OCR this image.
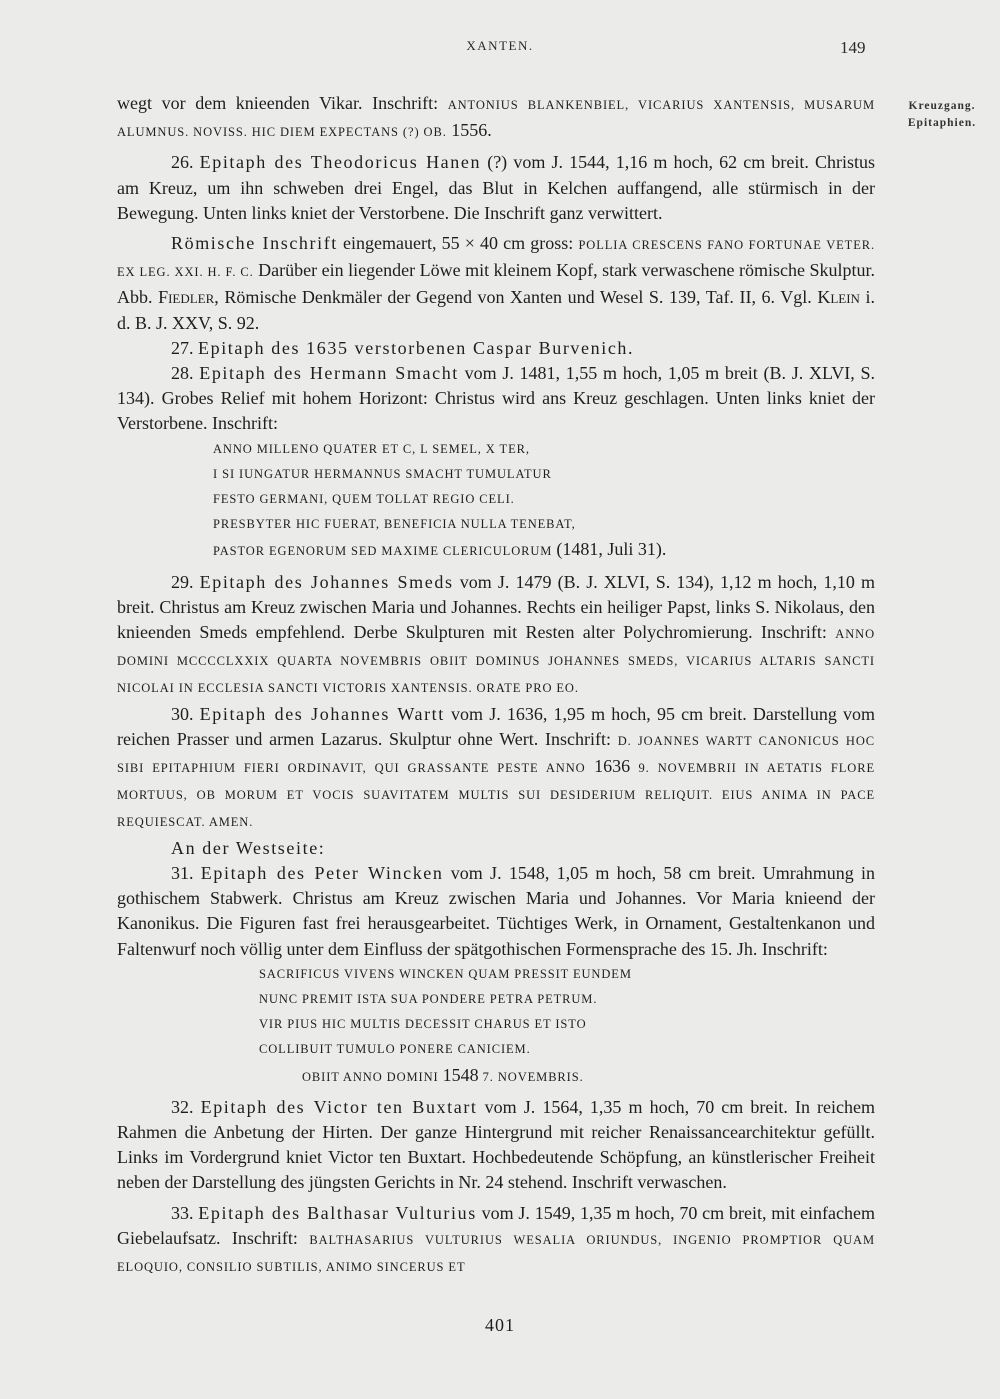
XANTEN.	149
Kreuzgang.
Epitaphien.

wegt vor dem knieenden Vikar. Inschrift: ANTONIUS BLANKENBIEL, VICARIUS XANTENSIS, MUSARUM ALUMNUS. NOVISS. HIC DIEM EXPECTANS (?) OB. 1556.

26. Epitaph des Theodoricus Hanen (?) vom J. 1544, 1,16 m hoch, 62 cm breit. Christus am Kreuz, um ihn schweben drei Engel, das Blut in Kelchen auffangend, alle stürmisch in der Bewegung. Unten links kniet der Verstorbene. Die Inschrift ganz verwittert.

Römische Inschrift eingemauert, 55 × 40 cm gross: POLLIA CRESCENS FANO FORTUNAE VETER. EX LEG. XXI. H. F. C. Darüber ein liegender Löwe mit kleinem Kopf, stark verwaschene römische Skulptur. Abb. Fiedler, Römische Denkmäler der Gegend von Xanten und Wesel S. 139, Taf. II, 6. Vgl. Klein i. d. B. J. XXV, S. 92.

27. Epitaph des 1635 verstorbenen Caspar Burvenich.

28. Epitaph des Hermann Smacht vom J. 1481, 1,55 m hoch, 1,05 m breit (B. J. XLVI, S. 134). Grobes Relief mit hohem Horizont: Christus wird ans Kreuz geschlagen. Unten links kniet der Verstorbene. Inschrift:

ANNO MILLENO QUATER ET C, L SEMEL, X TER,
I SI IUNGATUR HERMANNUS SMACHT TUMULATUR
FESTO GERMANI, QUEM TOLLAT REGIO CELI.
PRESBYTER HIC FUERAT, BENEFICIA NULLA TENEBAT,
PASTOR EGENORUM SED MAXIME CLERICULORUM (1481, Juli 31).

29. Epitaph des Johannes Smeds vom J. 1479 (B. J. XLVI, S. 134), 1,12 m hoch, 1,10 m breit. Christus am Kreuz zwischen Maria und Johannes. Rechts ein heiliger Papst, links S. Nikolaus, den knieenden Smeds empfehlend. Derbe Skulpturen mit Resten alter Polychromierung. Inschrift: ANNO DOMINI MCCCCLXXIX QUARTA NOVEMBRIS OBIIT DOMINUS JOHANNES SMEDS, VICARIUS ALTARIS SANCTI NICOLAI IN ECCLESIA SANCTI VICTORIS XANTENSIS. ORATE PRO EO.

30. Epitaph des Johannes Wartt vom J. 1636, 1,95 m hoch, 95 cm breit. Darstellung vom reichen Prasser und armen Lazarus. Skulptur ohne Wert. Inschrift: D. JOANNES WARTT CANONICUS HOC SIBI EPITAPHIUM FIERI ORDINAVIT, QUI GRASSANTE PESTE ANNO 1636 9. NOVEMBRII IN AETATIS FLORE MORTUUS, OB MORUM ET VOCIS SUAVITATEM MULTIS SUI DESIDERIUM RELIQUIT. EIUS ANIMA IN PACE REQUIESCAT. AMEN.

An der Westseite:

31. Epitaph des Peter Wincken vom J. 1548, 1,05 m hoch, 58 cm breit. Umrahmung in gothischem Stabwerk. Christus am Kreuz zwischen Maria und Johannes. Vor Maria knieend der Kanonikus. Die Figuren fast frei herausgearbeitet. Tüchtiges Werk, in Ornament, Gestaltenkanon und Faltenwurf noch völlig unter dem Einfluss der spätgothischen Formensprache des 15. Jh. Inschrift:

SACRIFICUS VIVENS WINCKEN QUAM PRESSIT EUNDEM
NUNC PREMIT ISTA SUA PONDERE PETRA PETRUM.
VIR PIUS HIC MULTIS DECESSIT CHARUS ET ISTO
COLLIBUIT TUMULO PONERE CANICIEM.
OBIIT ANNO DOMINI 1548 7. NOVEMBRIS.

32. Epitaph des Victor ten Buxtart vom J. 1564, 1,35 m hoch, 70 cm breit. In reichem Rahmen die Anbetung der Hirten. Der ganze Hintergrund mit reicher Renaissancearchitektur gefüllt. Links im Vordergrund kniet Victor ten Buxtart. Hochbedeutende Schöpfung, an künstlerischer Freiheit neben der Darstellung des jüngsten Gerichts in Nr. 24 stehend. Inschrift verwaschen.

33. Epitaph des Balthasar Vulturius vom J. 1549, 1,35 m hoch, 70 cm breit, mit einfachem Giebelaufsatz. Inschrift: BALTHASARIUS VULTURIUS WESALIA ORIUNDUS, INGENIO PROMPTIOR QUAM ELOQUIO, CONSILIO SUBTILIS, ANIMO SINCERUS ET

401
